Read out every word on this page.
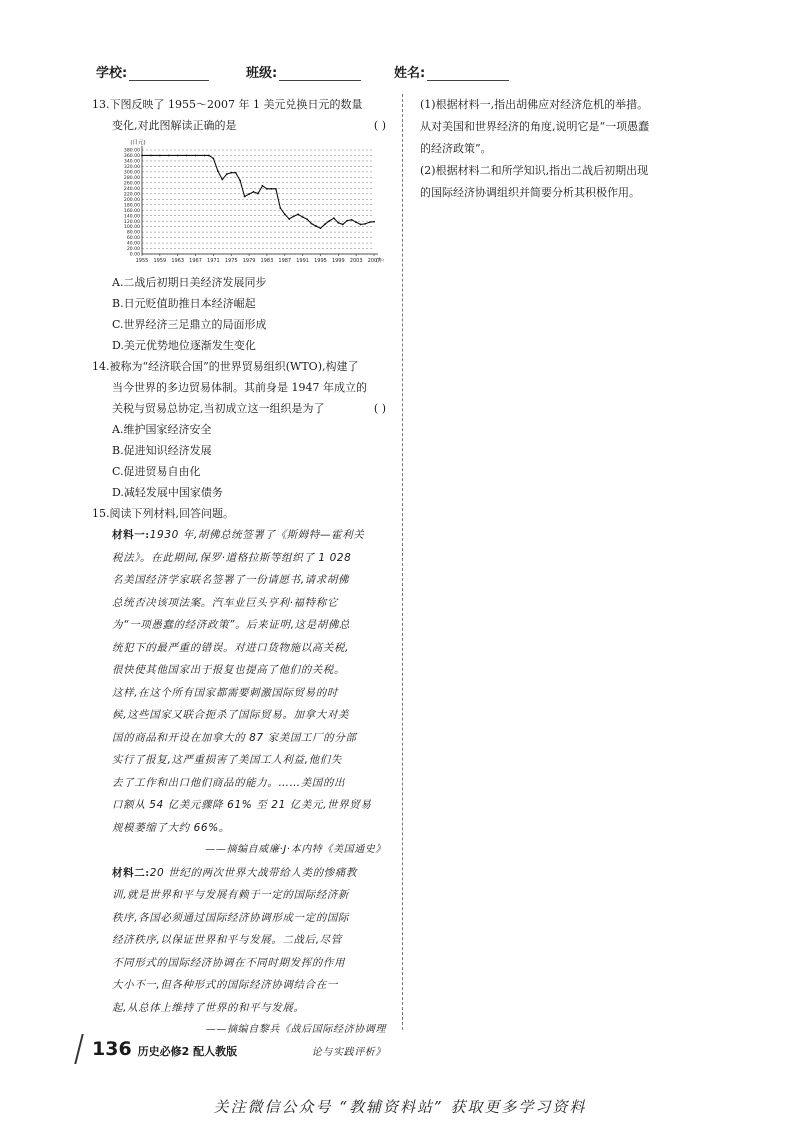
学校:	班级:	姓名:
13.下图反映了 1955～2007 年 1 美元兑换日元的数量
变化,对此图解读正确的是	( )
380.00
360.00
340.00
320.00
300.00
280.00
260.00
240.00
220.00
200.00
180.00
160.00
140.00
120.00
100.00
80.00
60.00
40.00
20.00
0.00
(日元)
1955 1959 1963 1967 1971 1975 1979 1983 1987 1991 1995 1999 2003 2007
(年
A.二战后初期日美经济发展同步
B.日元贬值助推日本经济崛起
C.世界经济三足鼎立的局面形成
D.美元优势地位逐渐发生变化
14.被称为“经济联合国”的世界贸易组织(WTO),构建了
当今世界的多边贸易体制。其前身是 1947 年成立的
关税与贸易总协定,当初成立这一组织是为了	( )
A.维护国家经济安全
B.促进知识经济发展
C.促进贸易自由化
D.减轻发展中国家债务
15.阅读下列材料,回答问题。
材料一:1930 年,胡佛总统签署了《斯姆特—霍利关
税法》。在此期间,保罗·道格拉斯等组织了 1 028
名美国经济学家联名签署了一份请愿书,请求胡佛
总统否决该项法案。汽车业巨头亨利·福特称它
为“一项愚蠢的经济政策”。后来证明,这是胡佛总
统犯下的最严重的错误。对进口货物施以高关税,
很快使其他国家出于报复也提高了他们的关税。
这样,在这个所有国家都需要刺激国际贸易的时
候,这些国家又联合扼杀了国际贸易。加拿大对美
国的商品和开设在加拿大的 87 家美国工厂的分部
实行了报复,这严重损害了美国工人利益,他们失
去了工作和出口他们商品的能力。……美国的出
口额从 54 亿美元骤降 61% 至 21 亿美元,世界贸易
规模萎缩了大约 66%。
——摘编自威廉·J·本内特《美国通史》
材料二:20 世纪的两次世界大战带给人类的惨痛教
训,就是世界和平与发展有赖于一定的国际经济新
秩序,各国必须通过国际经济协调形成一定的国际
经济秩序,以保证世界和平与发展。二战后,尽管
不同形式的国际经济协调在不同时期发挥的作用
大小不一,但各种形式的国际经济协调结合在一
起,从总体上维持了世界的和平与发展。
——摘编自黎兵《战后国际经济协调理
论与实践评析》
(1)根据材料一,指出胡佛应对经济危机的举措。
从对美国和世界经济的角度,说明它是“一项愚蠢
的经济政策”。
(2)根据材料二和所学知识,指出二战后初期出现
的国际经济协调组织并简要分析其积极作用。
136 历史必修2 配人教版
关注微信公众号 “教辅资料站” 获取更多学习资料
